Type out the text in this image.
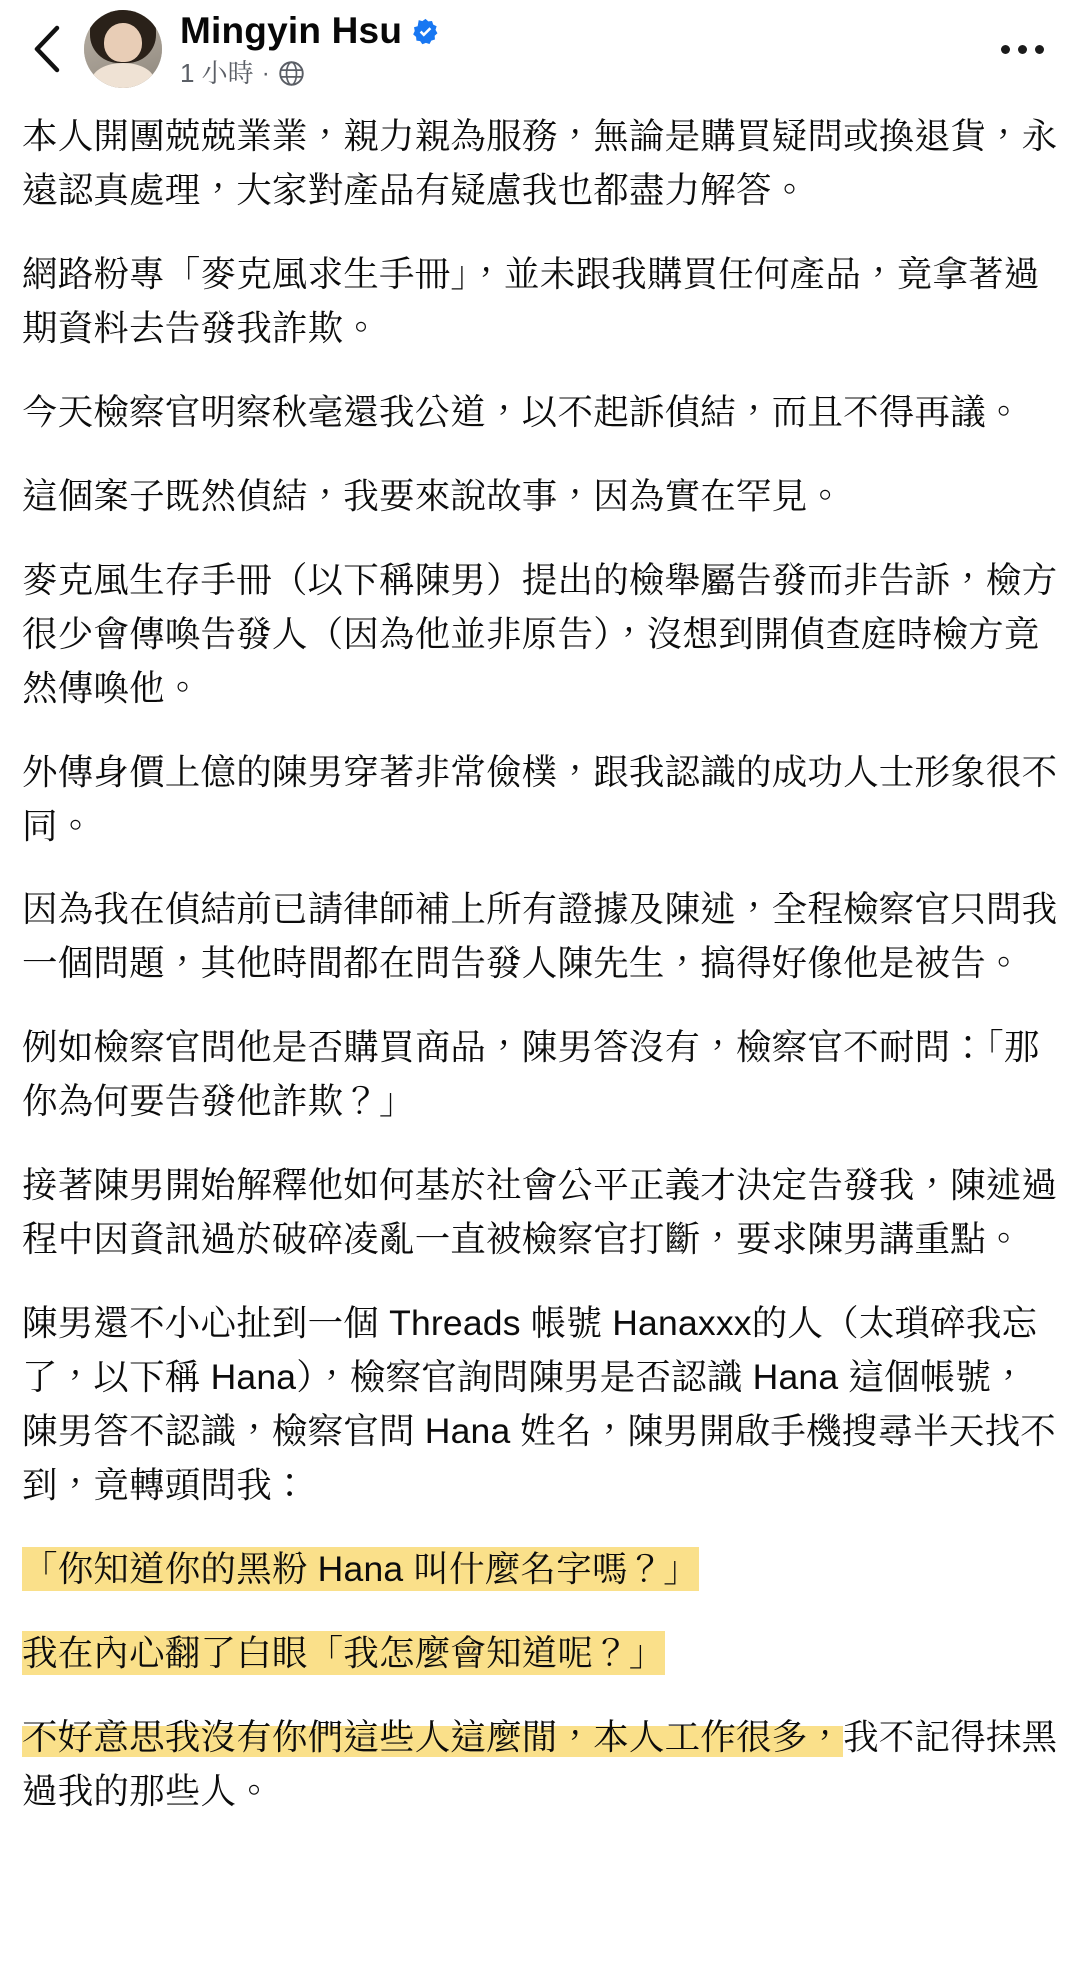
Mingyin Hsu
1 小時 ·

本人開團兢兢業業，親力親為服務，無論是購買疑問或換退貨，永遠認真處理，大家對產品有疑慮我也都盡力解答。

網路粉專「麥克風求生手冊」，並未跟我購買任何產品，竟拿著過期資料去告發我詐欺。

今天檢察官明察秋毫還我公道，以不起訴偵結，而且不得再議。

這個案子既然偵結，我要來說故事，因為實在罕見。

麥克風生存手冊（以下稱陳男）提出的檢舉屬告發而非告訴，檢方很少會傳喚告發人（因為他並非原告），沒想到開偵查庭時檢方竟然傳喚他。

外傳身價上億的陳男穿著非常儉樸，跟我認識的成功人士形象很不同。

因為我在偵結前已請律師補上所有證據及陳述，全程檢察官只問我一個問題，其他時間都在問告發人陳先生，搞得好像他是被告。

例如檢察官問他是否購買商品，陳男答沒有，檢察官不耐問：「那你為何要告發他詐欺？」

接著陳男開始解釋他如何基於社會公平正義才決定告發我，陳述過程中因資訊過於破碎凌亂一直被檢察官打斷，要求陳男講重點。

陳男還不小心扯到一個 Threads 帳號 Hanaxxx的人（太瑣碎我忘了，以下稱 Hana），檢察官詢問陳男是否認識 Hana 這個帳號，陳男答不認識，檢察官問 Hana 姓名，陳男開啟手機搜尋半天找不到，竟轉頭問我：

「你知道你的黑粉 Hana 叫什麼名字嗎？」

我在內心翻了白眼「我怎麼會知道呢？」

不好意思我沒有你們這些人這麼閒，本人工作很多，我不記得抹黑過我的那些人。
